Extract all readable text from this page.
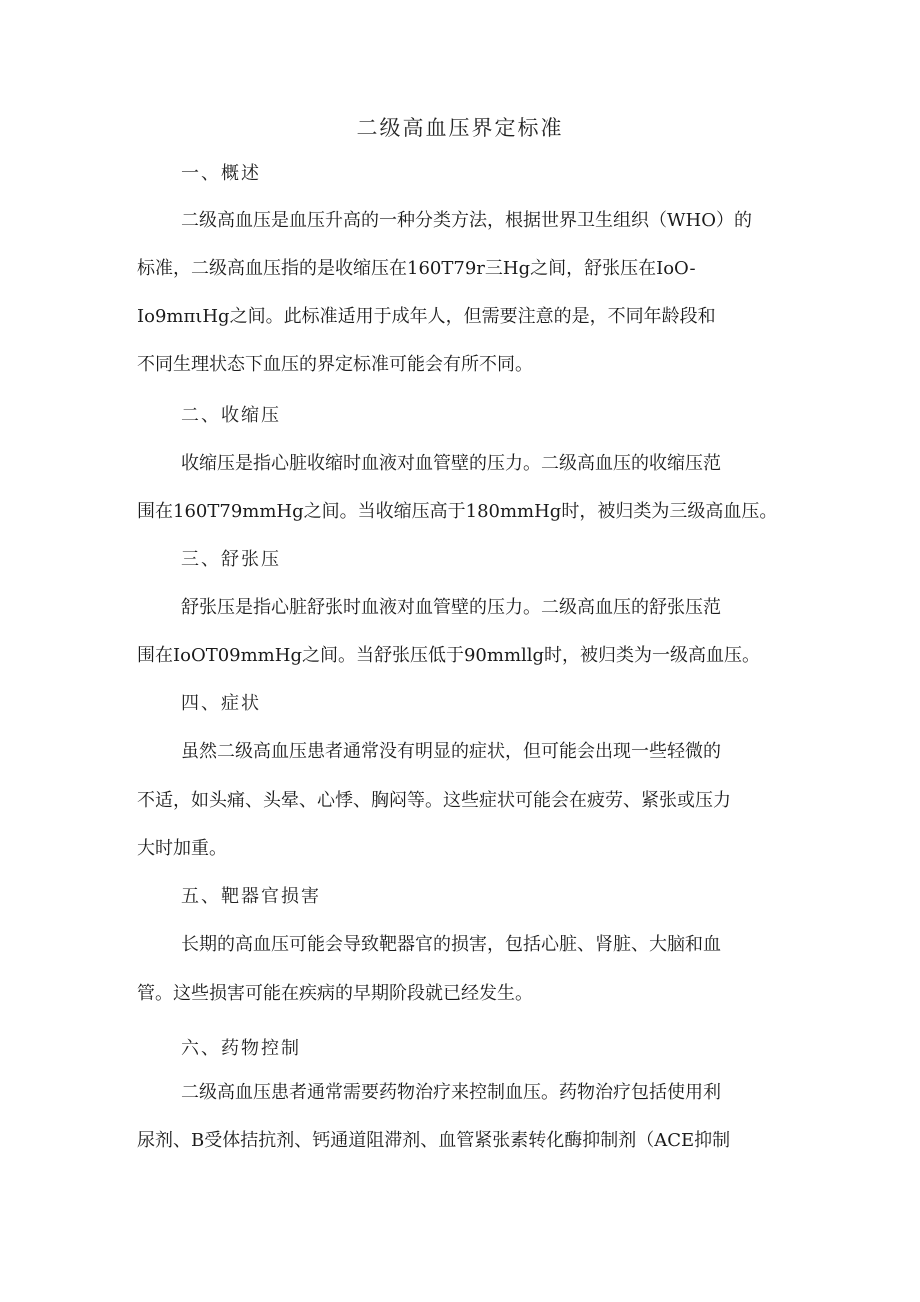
二级高血压界定标准
一、概述
二级高血压是血压升高的一种分类方法，根据世界卫生组织（WHO）的
标准，二级高血压指的是收缩压在160T79r三Hg之间，舒张压在IoO-
Io9mπιHg之间。此标准适用于成年人，但需要注意的是，不同年龄段和
不同生理状态下血压的界定标准可能会有所不同。
二、收缩压
收缩压是指心脏收缩时血液对血管壁的压力。二级高血压的收缩压范
围在160T79mmHg之间。当收缩压高于180mmHg时，被归类为三级高血压。
三、舒张压
舒张压是指心脏舒张时血液对血管壁的压力。二级高血压的舒张压范
围在IoOT09mmHg之间。当舒张压低于90mmllg时，被归类为一级高血压。
四、症状
虽然二级高血压患者通常没有明显的症状，但可能会出现一些轻微的
不适，如头痛、头晕、心悸、胸闷等。这些症状可能会在疲劳、紧张或压力
大时加重。
五、靶器官损害
长期的高血压可能会导致靶器官的损害，包括心脏、肾脏、大脑和血
管。这些损害可能在疾病的早期阶段就已经发生。
六、药物控制
二级高血压患者通常需要药物治疗来控制血压。药物治疗包括使用利
尿剂、B受体拮抗剂、钙通道阻滞剂、血管紧张素转化酶抑制剂（ACE抑制
